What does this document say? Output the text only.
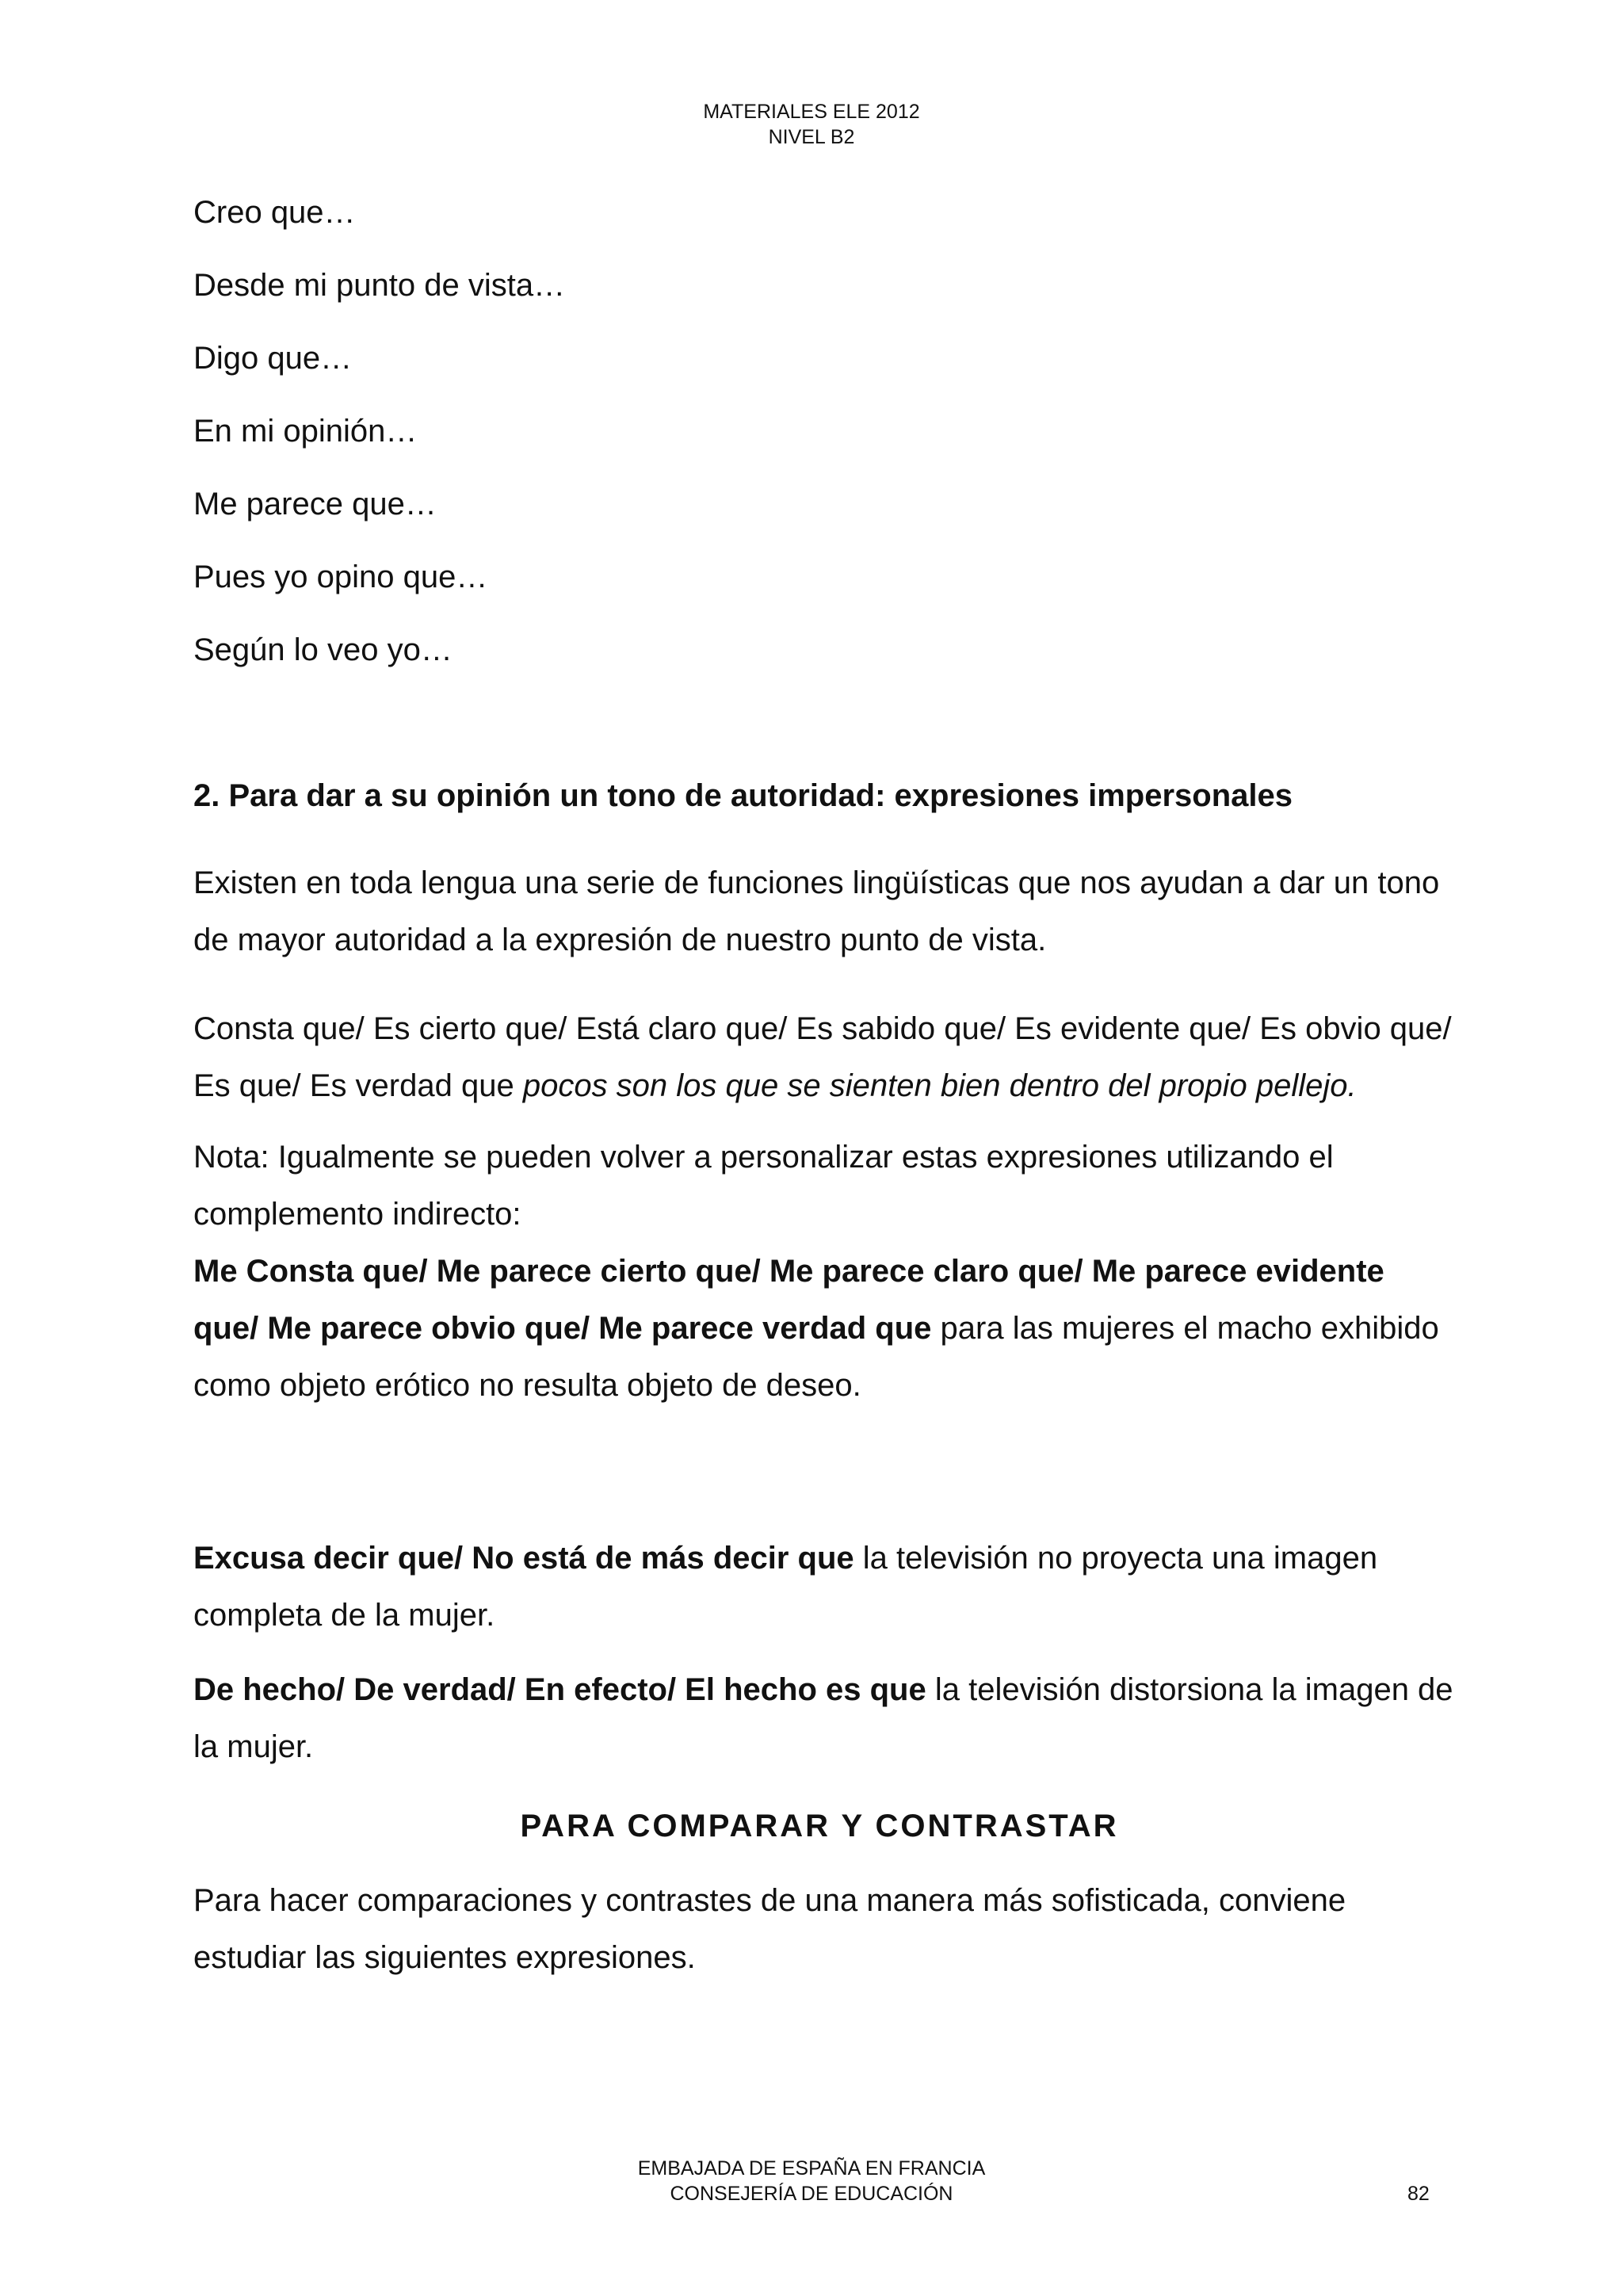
MATERIALES ELE 2012
NIVEL B2

Creo que…

Desde mi punto de vista…

Digo que…

En mi opinión…

Me parece que…

Pues yo opino que…

Según lo veo yo…

2. Para dar a su opinión un tono de autoridad: expresiones impersonales

Existen en toda lengua una serie de funciones lingüísticas que nos ayudan a dar un tono de mayor autoridad a la expresión de nuestro punto de vista.

Consta que/ Es cierto que/ Está claro que/ Es sabido que/ Es evidente que/ Es obvio que/ Es que/ Es verdad que pocos son los que se sienten bien dentro del propio pellejo.

Nota: Igualmente se pueden volver a personalizar estas expresiones utilizando el complemento indirecto:

Me Consta que/ Me parece cierto que/ Me parece claro que/ Me parece evidente que/ Me parece obvio que/ Me parece verdad que para las mujeres el macho exhibido como objeto erótico no resulta objeto de deseo.

Excusa decir que/ No está de más decir que la televisión no proyecta una imagen completa de la mujer.

De hecho/ De verdad/ En efecto/ El hecho es que la televisión distorsiona la imagen de la mujer.

PARA COMPARAR Y CONTRASTAR

Para hacer comparaciones y contrastes de una manera más sofisticada, conviene estudiar las siguientes expresiones.

EMBAJADA DE ESPAÑA EN FRANCIA
CONSEJERÍA DE EDUCACIÓN	82
